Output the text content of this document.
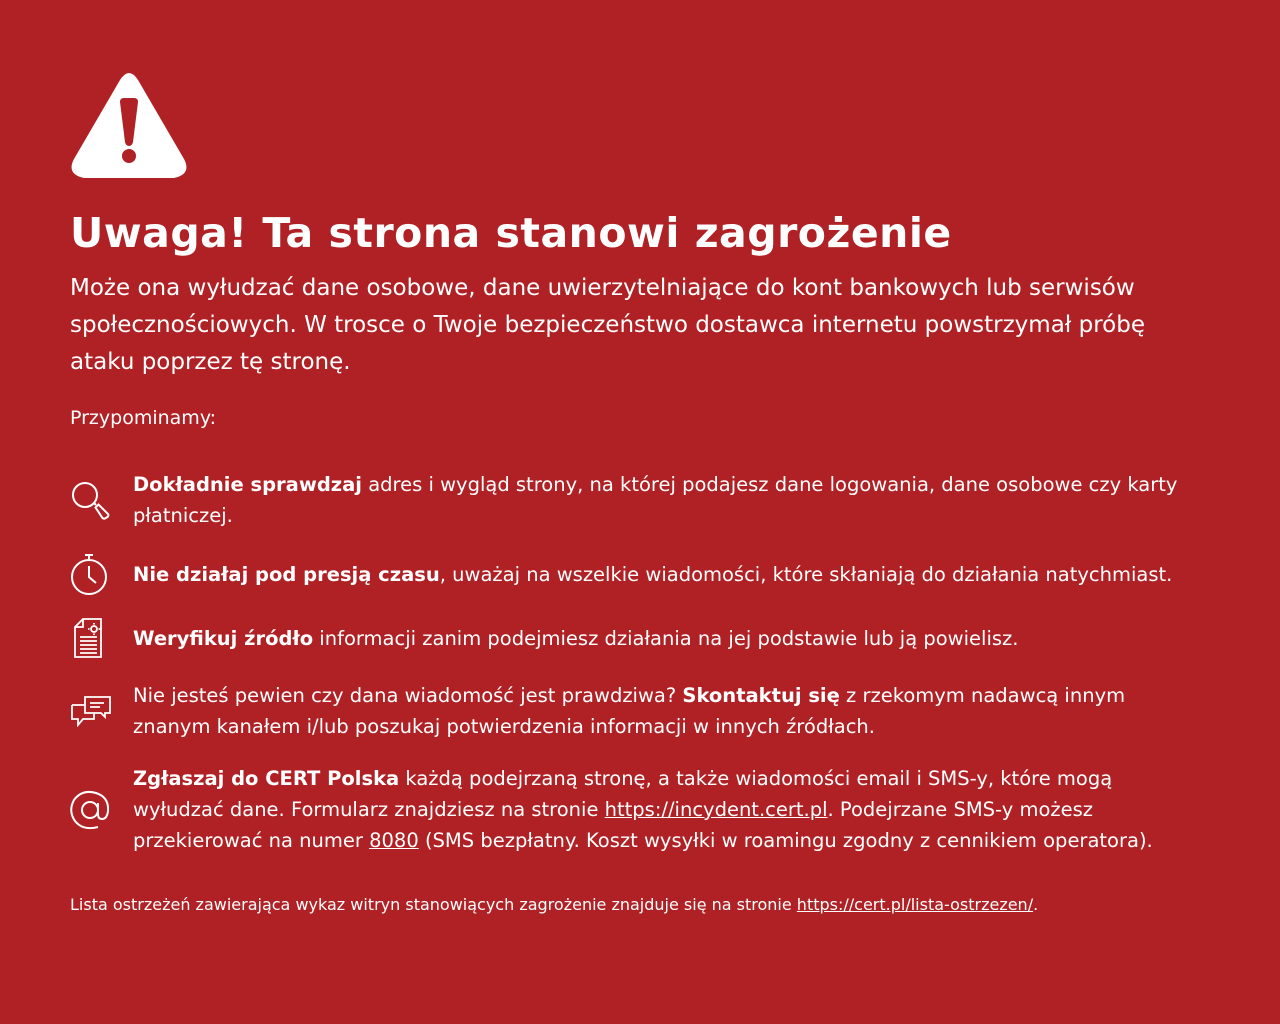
Uwaga! Ta strona stanowi zagrożenie

Może ona wyłudzać dane osobowe, dane uwierzytelniające do kont bankowych lub serwisów społecznościowych. W trosce o Twoje bezpieczeństwo dostawca internetu powstrzymał próbę ataku poprzez tę stronę.

Przypominamy:

Dokładnie sprawdzaj adres i wygląd strony, na której podajesz dane logowania, dane osobowe czy karty płatniczej.
Nie działaj pod presją czasu, uważaj na wszelkie wiadomości, które skłaniają do działania natychmiast.
Weryfikuj źródło informacji zanim podejmiesz działania na jej podstawie lub ją powielisz.
Nie jesteś pewien czy dana wiadomość jest prawdziwa? Skontaktuj się z rzekomym nadawcą innym znanym kanałem i/lub poszukaj potwierdzenia informacji w innych źródłach.
Zgłaszaj do CERT Polska każdą podejrzaną stronę, a także wiadomości email i SMS-y, które mogą wyłudzać dane. Formularz znajdziesz na stronie https://incydent.cert.pl. Podejrzane SMS-y możesz przekierować na numer 8080 (SMS bezpłatny. Koszt wysyłki w roamingu zgodny z cennikiem operatora).

Lista ostrzeżeń zawierająca wykaz witryn stanowiących zagrożenie znajduje się na stronie https://cert.pl/lista-ostrzezen/.
